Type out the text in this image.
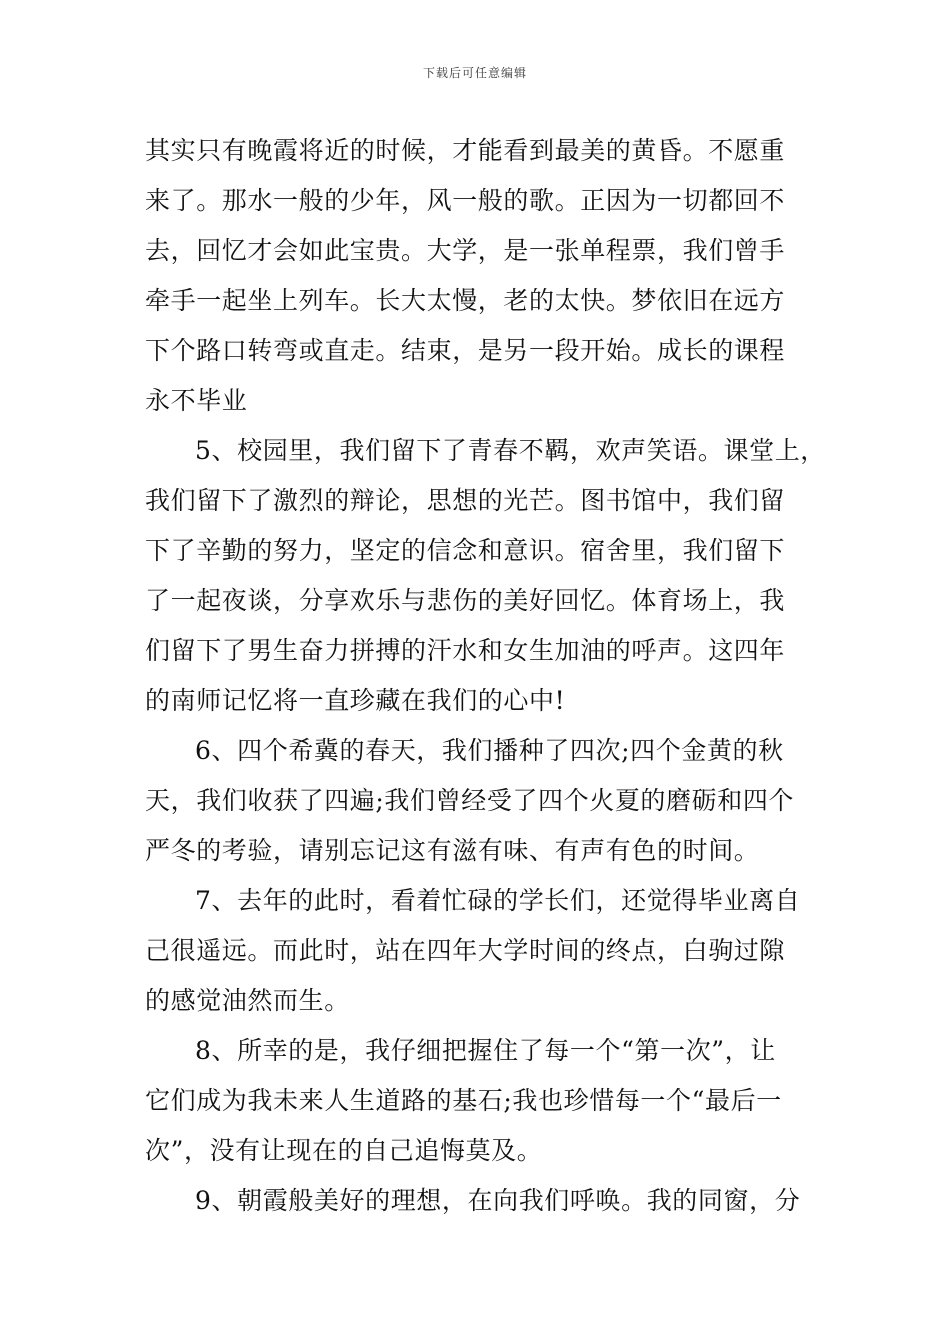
下载后可任意编辑
其实只有晚霞将近的时候，才能看到最美的黄昏。不愿重
来了。那水一般的少年，风一般的歌。正因为一切都回不
去，回忆才会如此宝贵。大学，是一张单程票，我们曾手
牵手一起坐上列车。长大太慢，老的太快。梦依旧在远方
下个路口转弯或直走。结束，是另一段开始。成长的课程
永不毕业
5、校园里，我们留下了青春不羁，欢声笑语。课堂上，
我们留下了激烈的辩论，思想的光芒。图书馆中，我们留
下了辛勤的努力，坚定的信念和意识。宿舍里，我们留下
了一起夜谈，分享欢乐与悲伤的美好回忆。体育场上，我
们留下了男生奋力拼搏的汗水和女生加油的呼声。这四年
的南师记忆将一直珍藏在我们的心中!
6、四个希冀的春天，我们播种了四次;四个金黄的秋
天，我们收获了四遍;我们曾经受了四个火夏的磨砺和四个
严冬的考验，请别忘记这有滋有味、有声有色的时间。
7、去年的此时，看着忙碌的学长们，还觉得毕业离自
己很遥远。而此时，站在四年大学时间的终点，白驹过隙
的感觉油然而生。
8、所幸的是，我仔细把握住了每一个“第一次”，让
它们成为我未来人生道路的基石;我也珍惜每一个“最后一
次”，没有让现在的自己追悔莫及。
9、朝霞般美好的理想，在向我们呼唤。我的同窗，分
